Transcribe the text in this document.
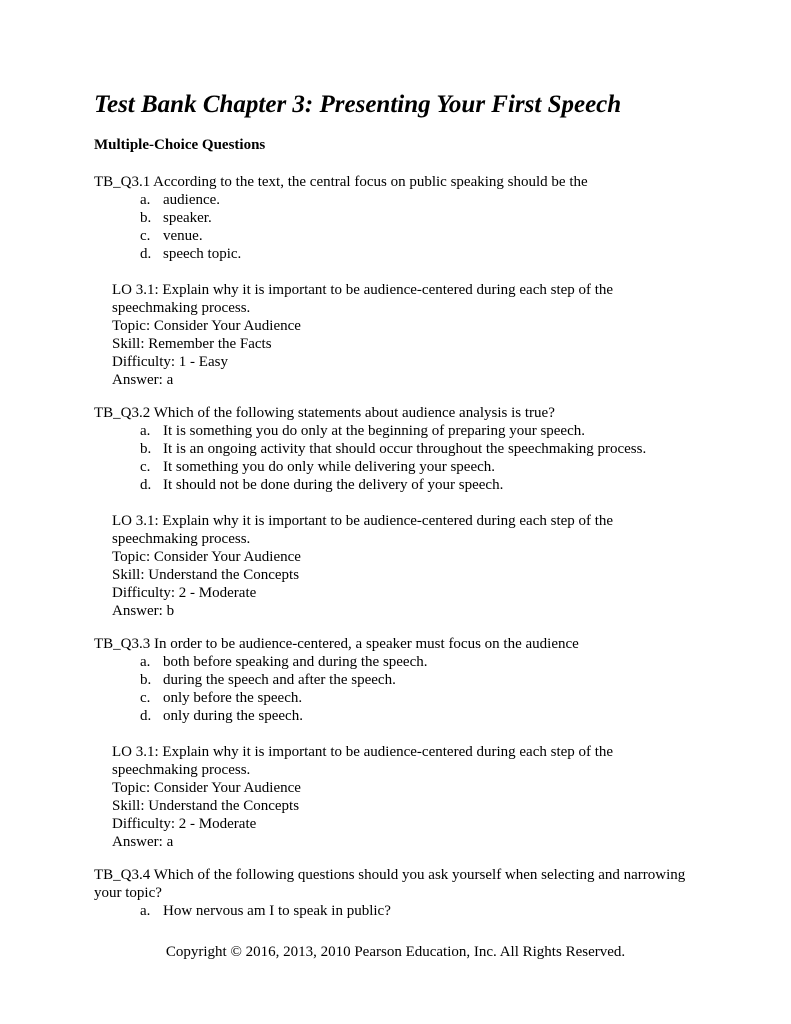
Test Bank Chapter 3: Presenting Your First Speech
Multiple-Choice Questions

TB_Q3.1 According to the text, the central focus on public speaking should be the

a. audience.
b. speaker.
c. venue.
d. speech topic.
LO 3.1: Explain why it is important to be audience-centered during each step of the speechmaking process.
Topic: Consider Your Audience
Skill: Remember the Facts
Difficulty: 1 - Easy
Answer: a

TB_Q3.2 Which of the following statements about audience analysis is true?

a. It is something you do only at the beginning of preparing your speech.
b. It is an ongoing activity that should occur throughout the speechmaking process.
c. It something you do only while delivering your speech.
d. It should not be done during the delivery of your speech.
LO 3.1: Explain why it is important to be audience-centered during each step of the speechmaking process.
Topic: Consider Your Audience
Skill: Understand the Concepts
Difficulty: 2 - Moderate
Answer: b

TB_Q3.3 In order to be audience-centered, a speaker must focus on the audience

a. both before speaking and during the speech.
b. during the speech and after the speech.
c. only before the speech.
d. only during the speech.
LO 3.1: Explain why it is important to be audience-centered during each step of the speechmaking process.
Topic: Consider Your Audience
Skill: Understand the Concepts
Difficulty: 2 - Moderate
Answer: a

TB_Q3.4 Which of the following questions should you ask yourself when selecting and narrowing your topic?

a. How nervous am I to speak in public?
Copyright © 2016, 2013, 2010 Pearson Education, Inc. All Rights Reserved.
